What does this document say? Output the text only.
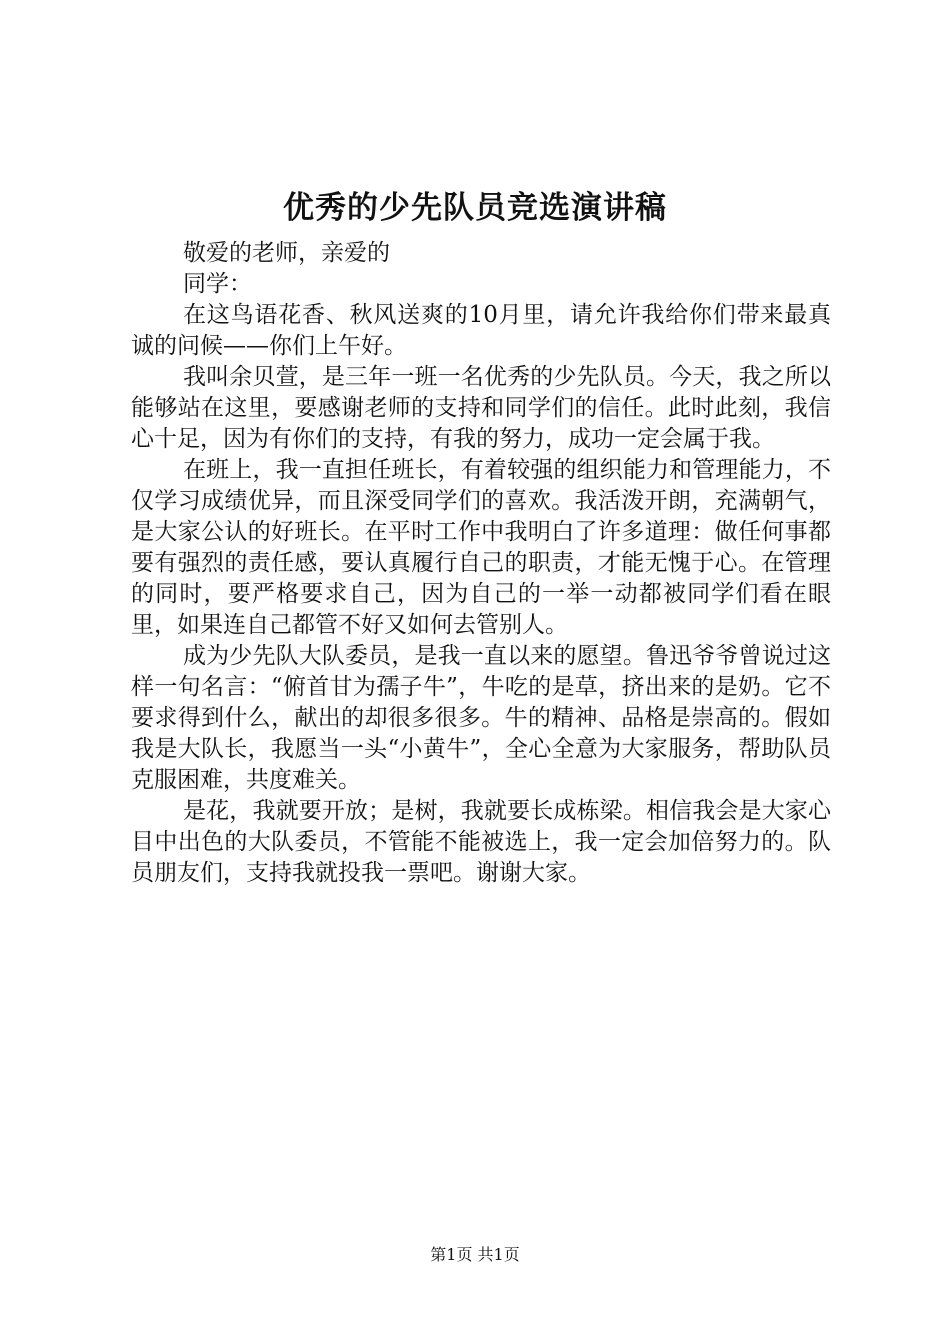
优秀的少先队员竞选演讲稿

敬爱的老师，亲爱的

同学：

在这鸟语花香、秋风送爽的10月里，请允许我给你们带来最真诚的问候——你们上午好。

我叫余贝萱，是三年一班一名优秀的少先队员。今天，我之所以能够站在这里，要感谢老师的支持和同学们的信任。此时此刻，我信心十足，因为有你们的支持，有我的努力，成功一定会属于我。

在班上，我一直担任班长，有着较强的组织能力和管理能力，不仅学习成绩优异，而且深受同学们的喜欢。我活泼开朗，充满朝气，是大家公认的好班长。在平时工作中我明白了许多道理：做任何事都要有强烈的责任感，要认真履行自己的职责，才能无愧于心。在管理的同时，要严格要求自己，因为自己的一举一动都被同学们看在眼里，如果连自己都管不好又如何去管别人。

成为少先队大队委员，是我一直以来的愿望。鲁迅爷爷曾说过这样一句名言：“俯首甘为孺子牛”，牛吃的是草，挤出来的是奶。它不要求得到什么，献出的却很多很多。牛的精神、品格是崇高的。假如我是大队长，我愿当一头“小黄牛”，全心全意为大家服务，帮助队员克服困难，共度难关。

是花，我就要开放；是树，我就要长成栋梁。相信我会是大家心目中出色的大队委员，不管能不能被选上，我一定会加倍努力的。队员朋友们，支持我就投我一票吧。谢谢大家。

第1页 共1页
